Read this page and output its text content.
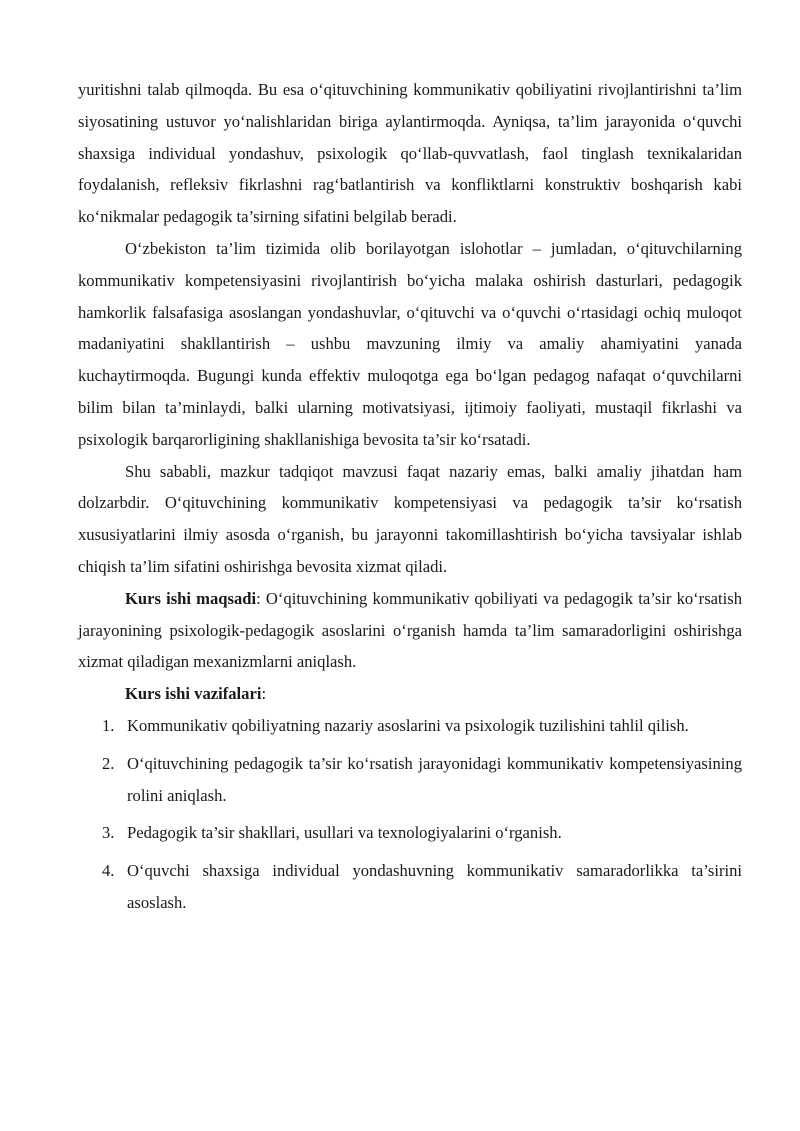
yuritishni talab qilmoqda. Bu esa o‘qituvchining kommunikativ qobiliyatini rivojlantirishni ta’lim siyosatining ustuvor yo‘nalishlaridan biriga aylantirmoqda. Ayniqsa, ta’lim jarayonida o‘quvchi shaxsiga individual yondashuv, psixologik qo‘llab-quvvatlash, faol tinglash texnikalaridan foydalanish, refleksiv fikrlashni rag‘batlantirish va konfliktlarni konstruktiv boshqarish kabi ko‘nikmalar pedagogik ta’sirning sifatini belgilab beradi.

O‘zbekiston ta’lim tizimida olib borilayotgan islohotlar – jumladan, o‘qituvchilarning kommunikativ kompetensiyasini rivojlantirish bo‘yicha malaka oshirish dasturlari, pedagogik hamkorlik falsafasiga asoslangan yondashuvlar, o‘qituvchi va o‘quvchi o‘rtasidagi ochiq muloqot madaniyatini shakllantirish – ushbu mavzuning ilmiy va amaliy ahamiyatini yanada kuchaytirmoqda. Bugungi kunda effektiv muloqotga ega bo‘lgan pedagog nafaqat o‘quvchilarni bilim bilan ta’minlaydi, balki ularning motivatsiyasi, ijtimoiy faoliyati, mustaqil fikrlashi va psixologik barqarorligining shakllanishiga bevosita ta’sir ko‘rsatadi.

Shu sababli, mazkur tadqiqot mavzusi faqat nazariy emas, balki amaliy jihatdan ham dolzarbdir. O‘qituvchining kommunikativ kompetensiyasi va pedagogik ta’sir ko‘rsatish xususiyatlarini ilmiy asosda o‘rganish, bu jarayonni takomillashtirish bo‘yicha tavsiyalar ishlab chiqish ta’lim sifatini oshirishga bevosita xizmat qiladi.

Kurs ishi maqsadi: O‘qituvchining kommunikativ qobiliyati va pedagogik ta’sir ko‘rsatish jarayonining psixologik-pedagogik asoslarini o‘rganish hamda ta’lim samaradorligini oshirishga xizmat qiladigan mexanizmlarni aniqlash.

Kurs ishi vazifalari:

1. Kommunikativ qobiliyatning nazariy asoslarini va psixologik tuzilishini tahlil qilish.
2. O‘qituvchining pedagogik ta’sir ko‘rsatish jarayonidagi kommunikativ kompetensiyasining rolini aniqlash.
3. Pedagogik ta’sir shakllari, usullari va texnologiyalarini o‘rganish.
4. O‘quvchi shaxsiga individual yondashuvning kommunikativ samaradorlikka ta’sirini asoslash.
